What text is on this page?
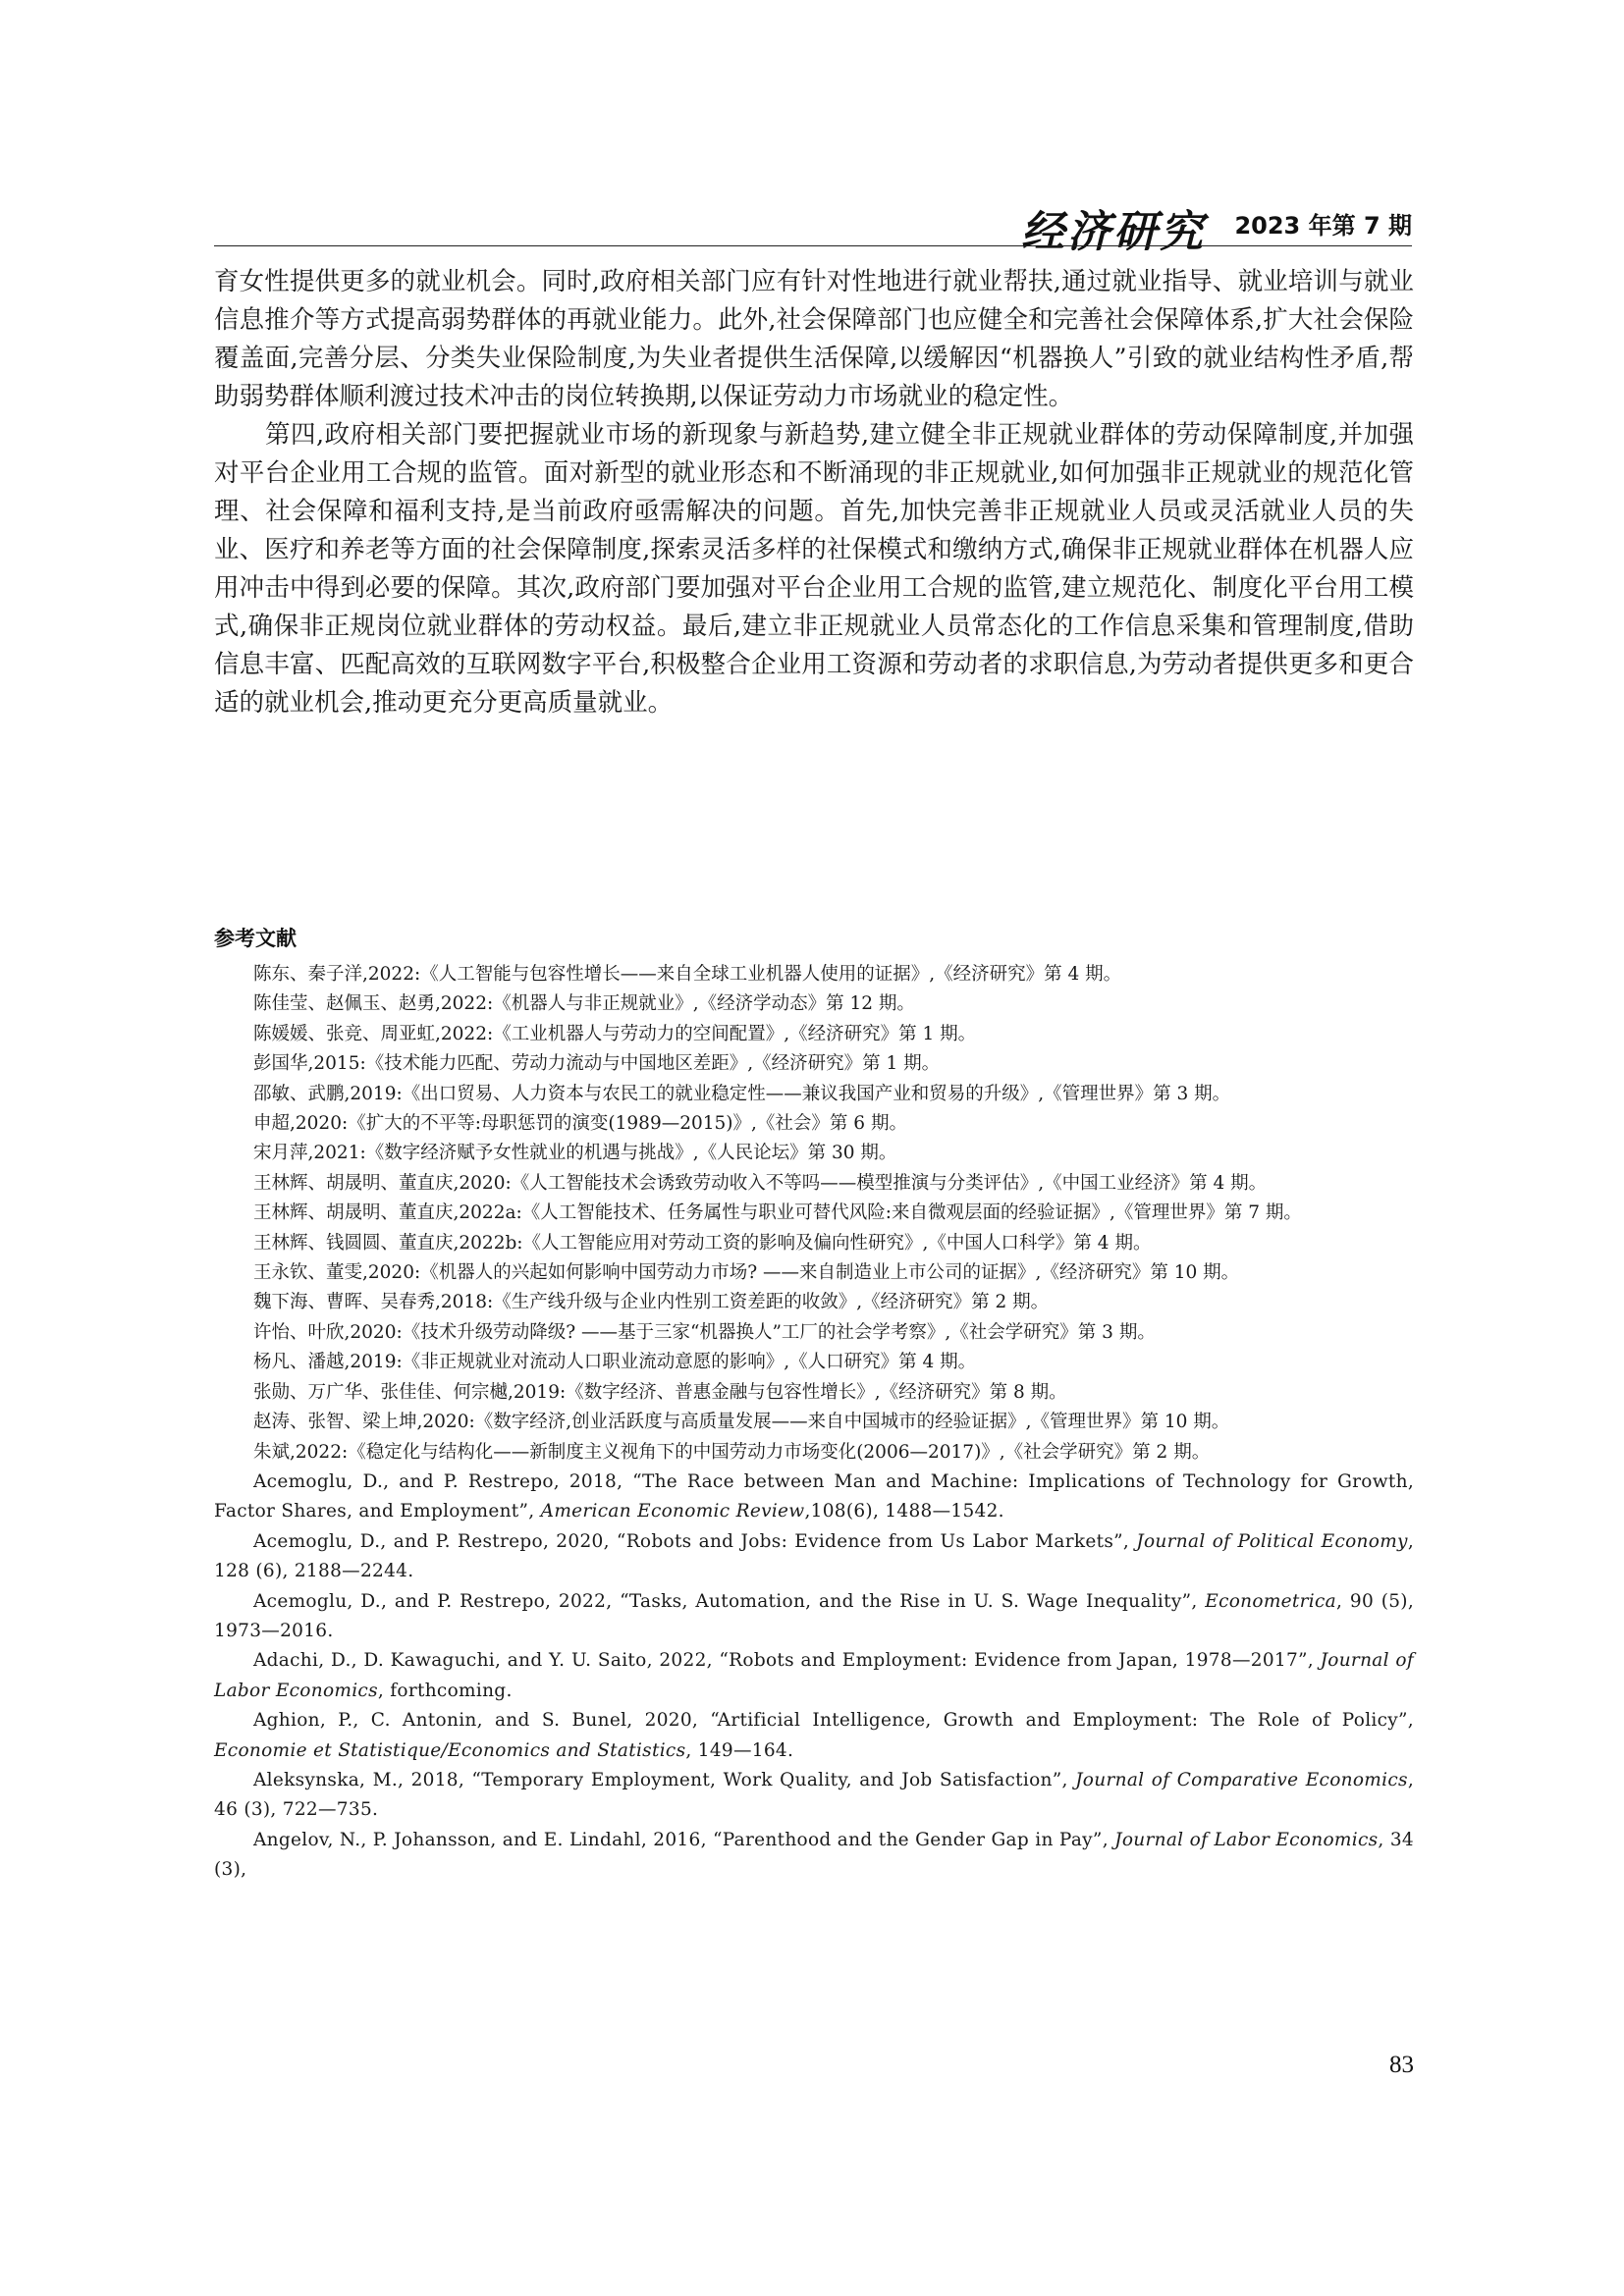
经济研究 2023 年第 7 期

育女性提供更多的就业机会。同时,政府相关部门应有针对性地进行就业帮扶,通过就业指导、就业培训与就业信息推介等方式提高弱势群体的再就业能力。此外,社会保障部门也应健全和完善社会保障体系,扩大社会保险覆盖面,完善分层、分类失业保险制度,为失业者提供生活保障,以缓解因“机器换人”引致的就业结构性矛盾,帮助弱势群体顺利渡过技术冲击的岗位转换期,以保证劳动力市场就业的稳定性。

第四,政府相关部门要把握就业市场的新现象与新趋势,建立健全非正规就业群体的劳动保障制度,并加强对平台企业用工合规的监管。面对新型的就业形态和不断涌现的非正规就业,如何加强非正规就业的规范化管理、社会保障和福利支持,是当前政府亟需解决的问题。首先,加快完善非正规就业人员或灵活就业人员的失业、医疗和养老等方面的社会保障制度,探索灵活多样的社保模式和缴纳方式,确保非正规就业群体在机器人应用冲击中得到必要的保障。其次,政府部门要加强对平台企业用工合规的监管,建立规范化、制度化平台用工模式,确保非正规岗位就业群体的劳动权益。最后,建立非正规就业人员常态化的工作信息采集和管理制度,借助信息丰富、匹配高效的互联网数字平台,积极整合企业用工资源和劳动者的求职信息,为劳动者提供更多和更合适的就业机会,推动更充分更高质量就业。

参考文献

陈东、秦子洋,2022:《人工智能与包容性增长——来自全球工业机器人使用的证据》,《经济研究》第 4 期。

陈佳莹、赵佩玉、赵勇,2022:《机器人与非正规就业》,《经济学动态》第 12 期。

陈媛媛、张竞、周亚虹,2022:《工业机器人与劳动力的空间配置》,《经济研究》第 1 期。

彭国华,2015:《技术能力匹配、劳动力流动与中国地区差距》,《经济研究》第 1 期。

邵敏、武鹏,2019:《出口贸易、人力资本与农民工的就业稳定性——兼议我国产业和贸易的升级》,《管理世界》第 3 期。

申超,2020:《扩大的不平等:母职惩罚的演变(1989—2015)》,《社会》第 6 期。

宋月萍,2021:《数字经济赋予女性就业的机遇与挑战》,《人民论坛》第 30 期。

王林辉、胡晟明、董直庆,2020:《人工智能技术会诱致劳动收入不等吗——模型推演与分类评估》,《中国工业经济》第 4 期。

王林辉、胡晟明、董直庆,2022a:《人工智能技术、任务属性与职业可替代风险:来自微观层面的经验证据》,《管理世界》第 7 期。

王林辉、钱圆圆、董直庆,2022b:《人工智能应用对劳动工资的影响及偏向性研究》,《中国人口科学》第 4 期。

王永钦、董雯,2020:《机器人的兴起如何影响中国劳动力市场? ——来自制造业上市公司的证据》,《经济研究》第 10 期。

魏下海、曹晖、吴春秀,2018:《生产线升级与企业内性别工资差距的收敛》,《经济研究》第 2 期。

许怡、叶欣,2020:《技术升级劳动降级? ——基于三家“机器换人”工厂的社会学考察》,《社会学研究》第 3 期。

杨凡、潘越,2019:《非正规就业对流动人口职业流动意愿的影响》,《人口研究》第 4 期。

张勋、万广华、张佳佳、何宗樾,2019:《数字经济、普惠金融与包容性增长》,《经济研究》第 8 期。

赵涛、张智、梁上坤,2020:《数字经济,创业活跃度与高质量发展——来自中国城市的经验证据》,《管理世界》第 10 期。

朱斌,2022:《稳定化与结构化——新制度主义视角下的中国劳动力市场变化(2006—2017)》,《社会学研究》第 2 期。

Acemoglu, D., and P. Restrepo, 2018, “The Race between Man and Machine: Implications of Technology for Growth, Factor Shares, and Employment”, American Economic Review,108(6), 1488—1542.

Acemoglu, D., and P. Restrepo, 2020, “Robots and Jobs: Evidence from Us Labor Markets”, Journal of Political Economy, 128 (6), 2188—2244.

Acemoglu, D., and P. Restrepo, 2022, “Tasks, Automation, and the Rise in U. S. Wage Inequality”, Econometrica, 90 (5), 1973—2016.

Adachi, D., D. Kawaguchi, and Y. U. Saito, 2022, “Robots and Employment: Evidence from Japan, 1978—2017”, Journal of Labor Economics, forthcoming.

Aghion, P., C. Antonin, and S. Bunel, 2020, “Artificial Intelligence, Growth and Employment: The Role of Policy”, Economie et Statistique/Economics and Statistics, 149—164.

Aleksynska, M., 2018, “Temporary Employment, Work Quality, and Job Satisfaction”, Journal of Comparative Economics, 46 (3), 722—735.

Angelov, N., P. Johansson, and E. Lindahl, 2016, “Parenthood and the Gender Gap in Pay”, Journal of Labor Economics, 34 (3),

83
